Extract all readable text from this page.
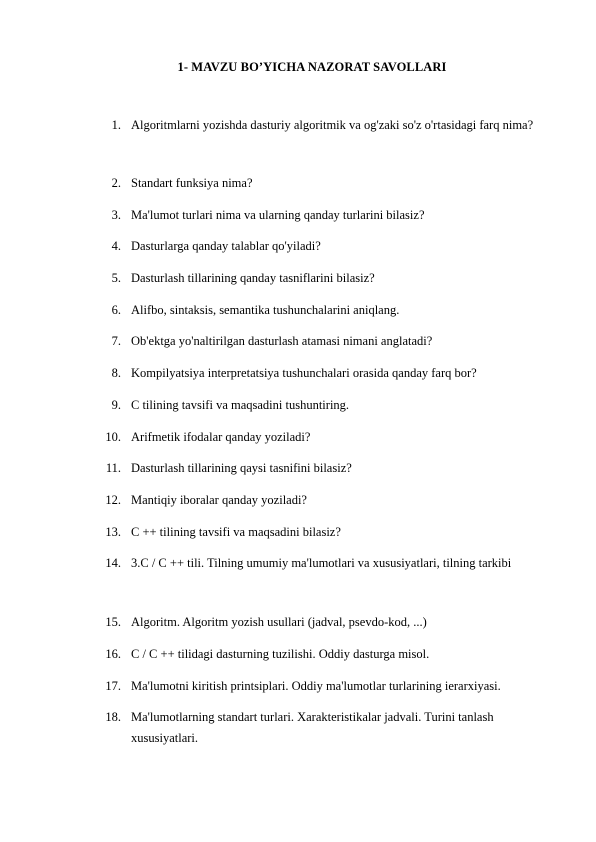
1- MAVZU BO’YICHA NAZORAT SAVOLLARI
1. Algoritmlarni yozishda dasturiy algoritmik va og'zaki so'z o'rtasidagi farq nima?
2. Standart funksiya nima?
3. Ma'lumot turlari nima va ularning qanday turlarini bilasiz?
4. Dasturlarga qanday talablar qo'yiladi?
5. Dasturlash tillarining qanday tasniflarini bilasiz?
6. Alifbo, sintaksis, semantika tushunchalarini aniqlang.
7. Ob'ektga yo'naltirilgan dasturlash atamasi nimani anglatadi?
8. Kompilyatsiya interpretatsiya tushunchalari orasida qanday farq bor?
9. C tilining tavsifi va maqsadini tushuntiring.
10. Arifmetik ifodalar qanday yoziladi?
11. Dasturlash tillarining qaysi tasnifini bilasiz?
12. Mantiqiy iboralar qanday yoziladi?
13. C ++ tilining tavsifi va maqsadini bilasiz?
14. 3.C / C ++ tili. Tilning umumiy ma'lumotlari va xususiyatlari, tilning tarkibi
15. Algoritm. Algoritm yozish usullari (jadval, psevdo-kod, ...)
16. C / C ++ tilidagi dasturning tuzilishi. Oddiy dasturga misol.
17. Ma'lumotni kiritish printsiplari. Oddiy ma'lumotlar turlarining ierarxiyasi.
18. Ma'lumotlarning standart turlari. Xarakteristikalar jadvali. Turini tanlash xususiyatlari.
